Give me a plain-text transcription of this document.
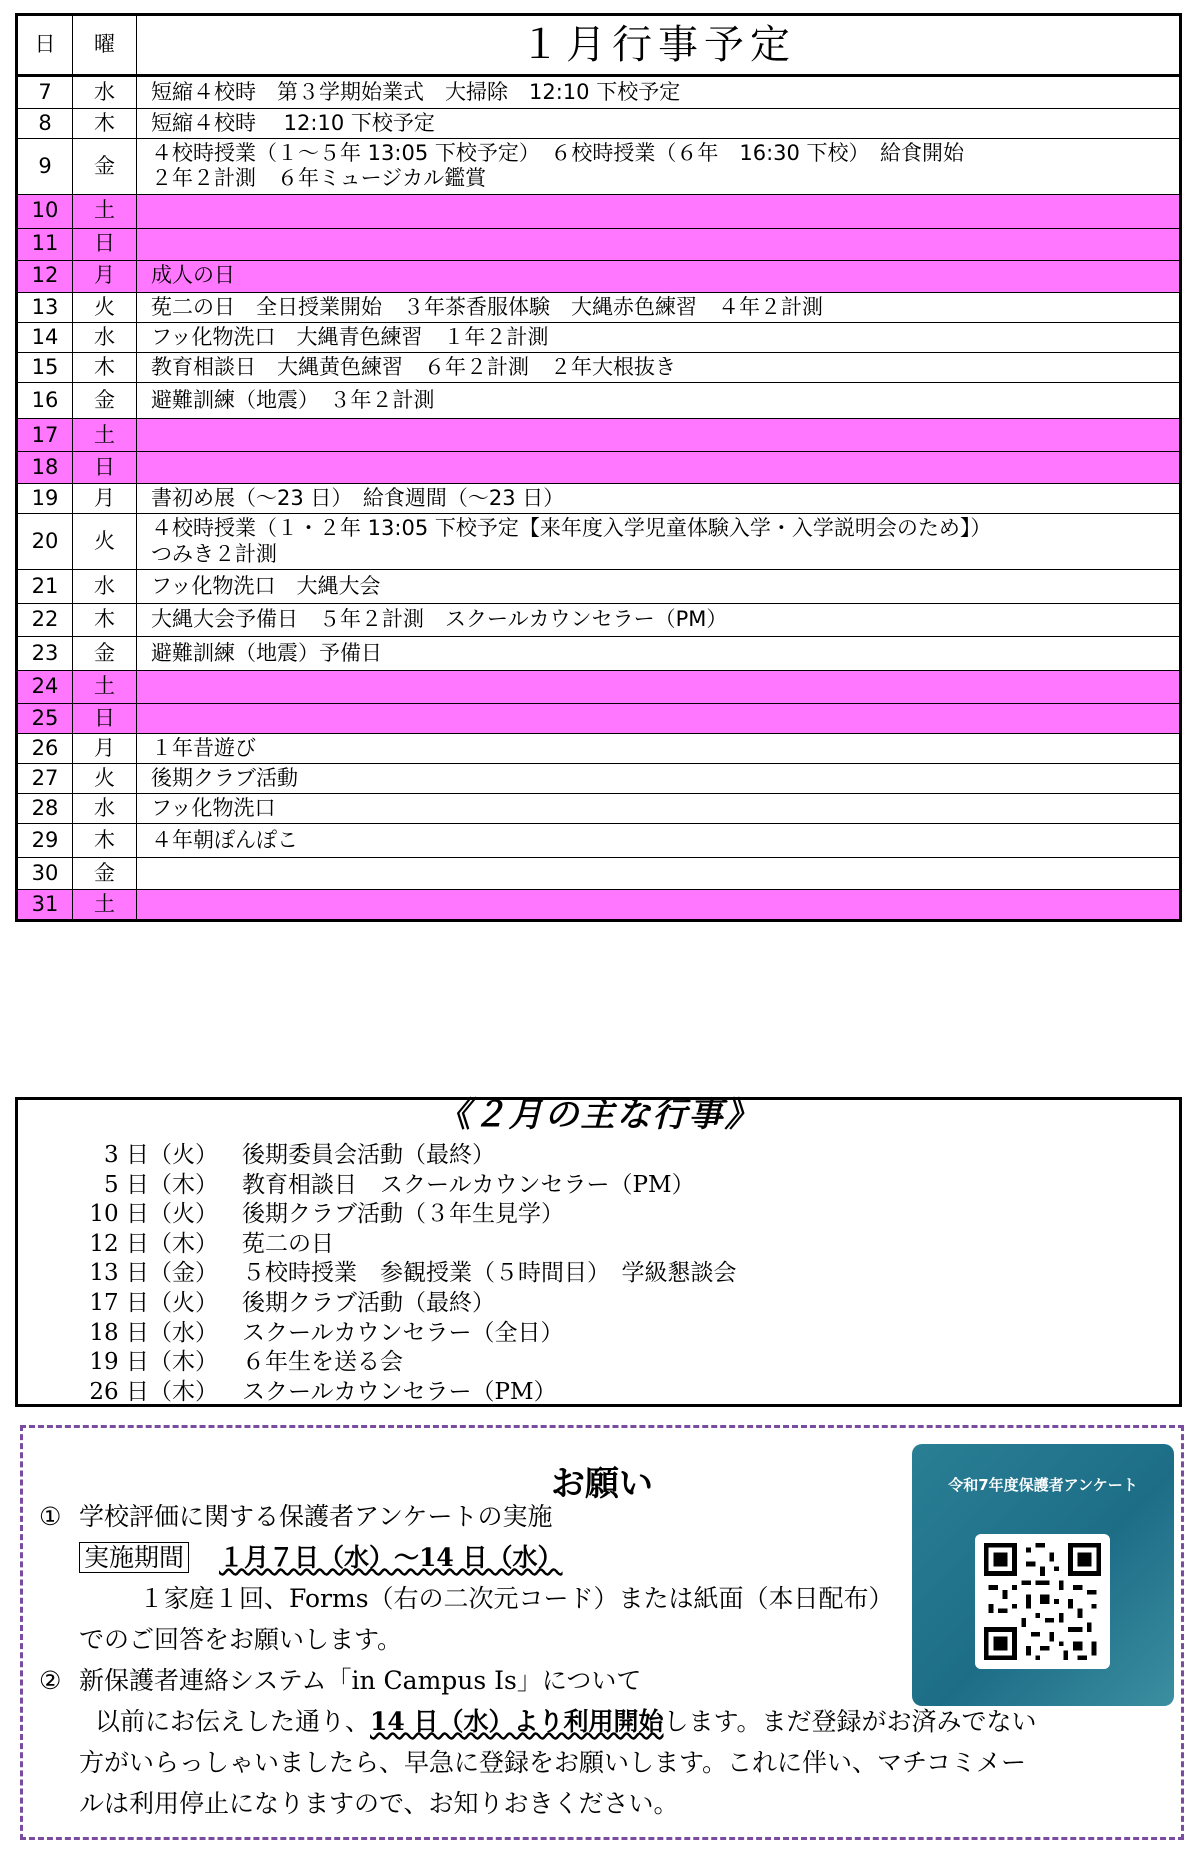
日	曜	１月行事予定
7	水	短縮４校時　第３学期始業式　大掃除　12:10 下校予定
8	木	短縮４校時　 12:10 下校予定
9	金	４校時授業（１～５年 13:05 下校予定）　６校時授業（６年　16:30 下校）　給食開始
２年２計測　６年ミュージカル鑑賞
10	土	
11	日	
12	月	成人の日
13	火	莬二の日　全日授業開始　３年茶香服体験　大縄赤色練習　４年２計測
14	水	フッ化物洗口　大縄青色練習　１年２計測
15	木	教育相談日　大縄黄色練習　６年２計測　２年大根抜き
16	金	避難訓練（地震）　３年２計測
17	土	
18	日	
19	月	書初め展（～23 日）　給食週間（～23 日）
20	火	４校時授業（１・２年 13:05 下校予定【来年度入学児童体験入学・入学説明会のため】）
つみき２計測
21	水	フッ化物洗口　大縄大会
22	木	大縄大会予備日　５年２計測　スクールカウンセラー（PM）
23	金	避難訓練（地震）予備日
24	土	
25	日	
26	月	１年昔遊び
27	火	後期クラブ活動
28	水	フッ化物洗口
29	木	４年朝ぽんぽこ
30	金	
31	土	
《２月の主な行事》
3 日（火） 後期委員会活動（最終）
5 日（木） 教育相談日　スクールカウンセラー（PM）
10 日（火） 後期クラブ活動（３年生見学）
12 日（木） 莬二の日
13 日（金） ５校時授業　参観授業（５時間目）　学級懇談会
17 日（火） 後期クラブ活動（最終）
18 日（水） スクールカウンセラー（全日）
19 日（木） ６年生を送る会
26 日（木） スクールカウンセラー（PM）
お願い
① 学校評価に関する保護者アンケートの実施
実施期間 １月７日（水）～14 日（水）
１家庭１回、Forms（右の二次元コード）または紙面（本日配布）
でのご回答をお願いします。
② 新保護者連絡システム「in Campus Is」について
以前にお伝えした通り、14 日（水）より利用開始します。まだ登録がお済みでない
方がいらっしゃいましたら、早急に登録をお願いします。これに伴い、マチコミメー
ルは利用停止になりますので、お知りおきください。
令和7年度保護者アンケート
